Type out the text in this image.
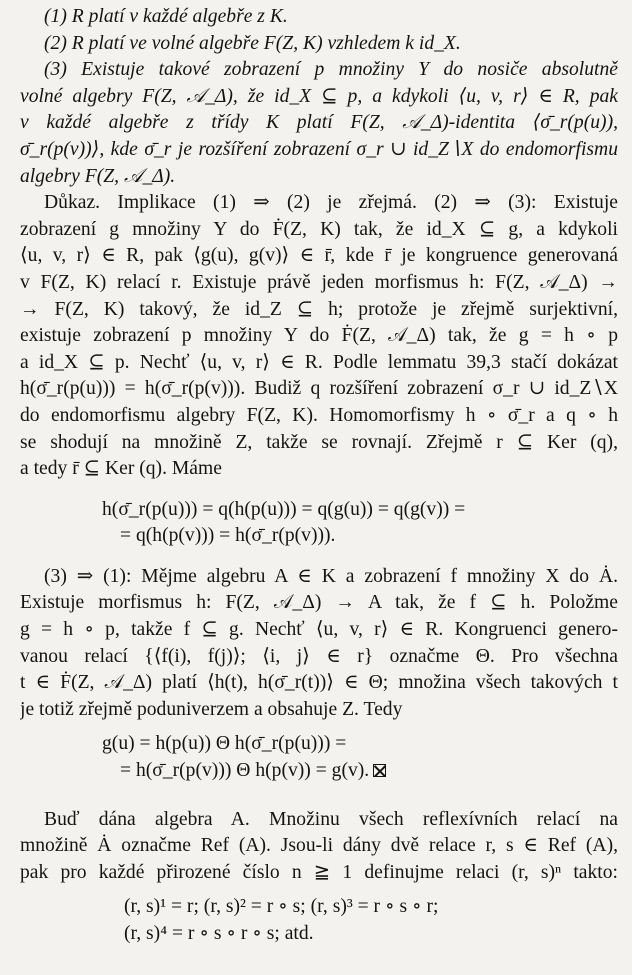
(1) R platí v každé algebře z K.
(2) R platí ve volné algebře F(Z, K) vzhledem k id_X.
(3) Existuje takové zobrazení p množiny Y do nosiče absolutně
volné algebry F(Z, 𝒜_Δ), že id_X ⊆ p, a kdykoli ⟨u, v, r⟩ ∈ R, pak
v každé algebře z třídy K platí F(Z, 𝒜_Δ)-identita ⟨σ̄_r(p(u)),
σ̄_r(p(v))⟩, kde σ̄_r je rozšíření zobrazení σ_r ∪ id_Z∖X do endomorfismu
algebry F(Z, 𝒜_Δ).
Důkaz. Implikace (1) ⇒ (2) je zřejmá. (2) ⇒ (3): Existuje
zobrazení g množiny Y do Ḟ(Z, K) tak, že id_X ⊆ g, a kdykoli
⟨u, v, r⟩ ∈ R, pak ⟨g(u), g(v)⟩ ∈ r̄, kde r̄ je kongruence generovaná
v F(Z, K) relací r. Existuje právě jeden morfismus h: F(Z, 𝒜_Δ) →
→ F(Z, K) takový, že id_Z ⊆ h; protože je zřejmě surjektivní,
existuje zobrazení p množiny Y do Ḟ(Z, 𝒜_Δ) tak, že g = h ∘ p
a id_X ⊆ p. Nechť ⟨u, v, r⟩ ∈ R. Podle lemmatu 39,3 stačí dokázat
h(σ̄_r(p(u))) = h(σ̄_r(p(v))). Budiž q rozšíření zobrazení σ_r ∪ id_Z∖X
do endomorfismu algebry F(Z, K). Homomorfismy h ∘ σ̄_r a q ∘ h
se shodují na množině Z, takže se rovnají. Zřejmě r ⊆ Ker (q),
a tedy r̄ ⊆ Ker (q). Máme
h(σ̄_r(p(u))) = q(h(p(u))) = q(g(u)) = q(g(v)) =
= q(h(p(v))) = h(σ̄_r(p(v))).
(3) ⇒ (1): Mějme algebru A ∈ K a zobrazení f množiny X do Ȧ.
Existuje morfismus h: F(Z, 𝒜_Δ) → A tak, že f ⊆ h. Položme
g = h ∘ p, takže f ⊆ g. Nechť ⟨u, v, r⟩ ∈ R. Kongruenci genero-
vanou relací {⟨f(i), f(j)⟩; ⟨i, j⟩ ∈ r} označme Θ. Pro všechna
t ∈ Ḟ(Z, 𝒜_Δ) platí ⟨h(t), h(σ̄_r(t))⟩ ∈ Θ; množina všech takových t
je totiž zřejmě poduniverzem a obsahuje Z. Tedy
g(u) = h(p(u)) Θ h(σ̄_r(p(u))) =
= h(σ̄_r(p(v))) Θ h(p(v)) = g(v).
Buď dána algebra A. Množinu všech reflexívních relací na
množině Ȧ označme Ref (A). Jsou-li dány dvě relace r, s ∈ Ref (A),
pak pro každé přirozené číslo n ≧ 1 definujme relaci (r, s)ⁿ takto:
(r, s)¹ = r; (r, s)² = r ∘ s; (r, s)³ = r ∘ s ∘ r;
(r, s)⁴ = r ∘ s ∘ r ∘ s; atd.
